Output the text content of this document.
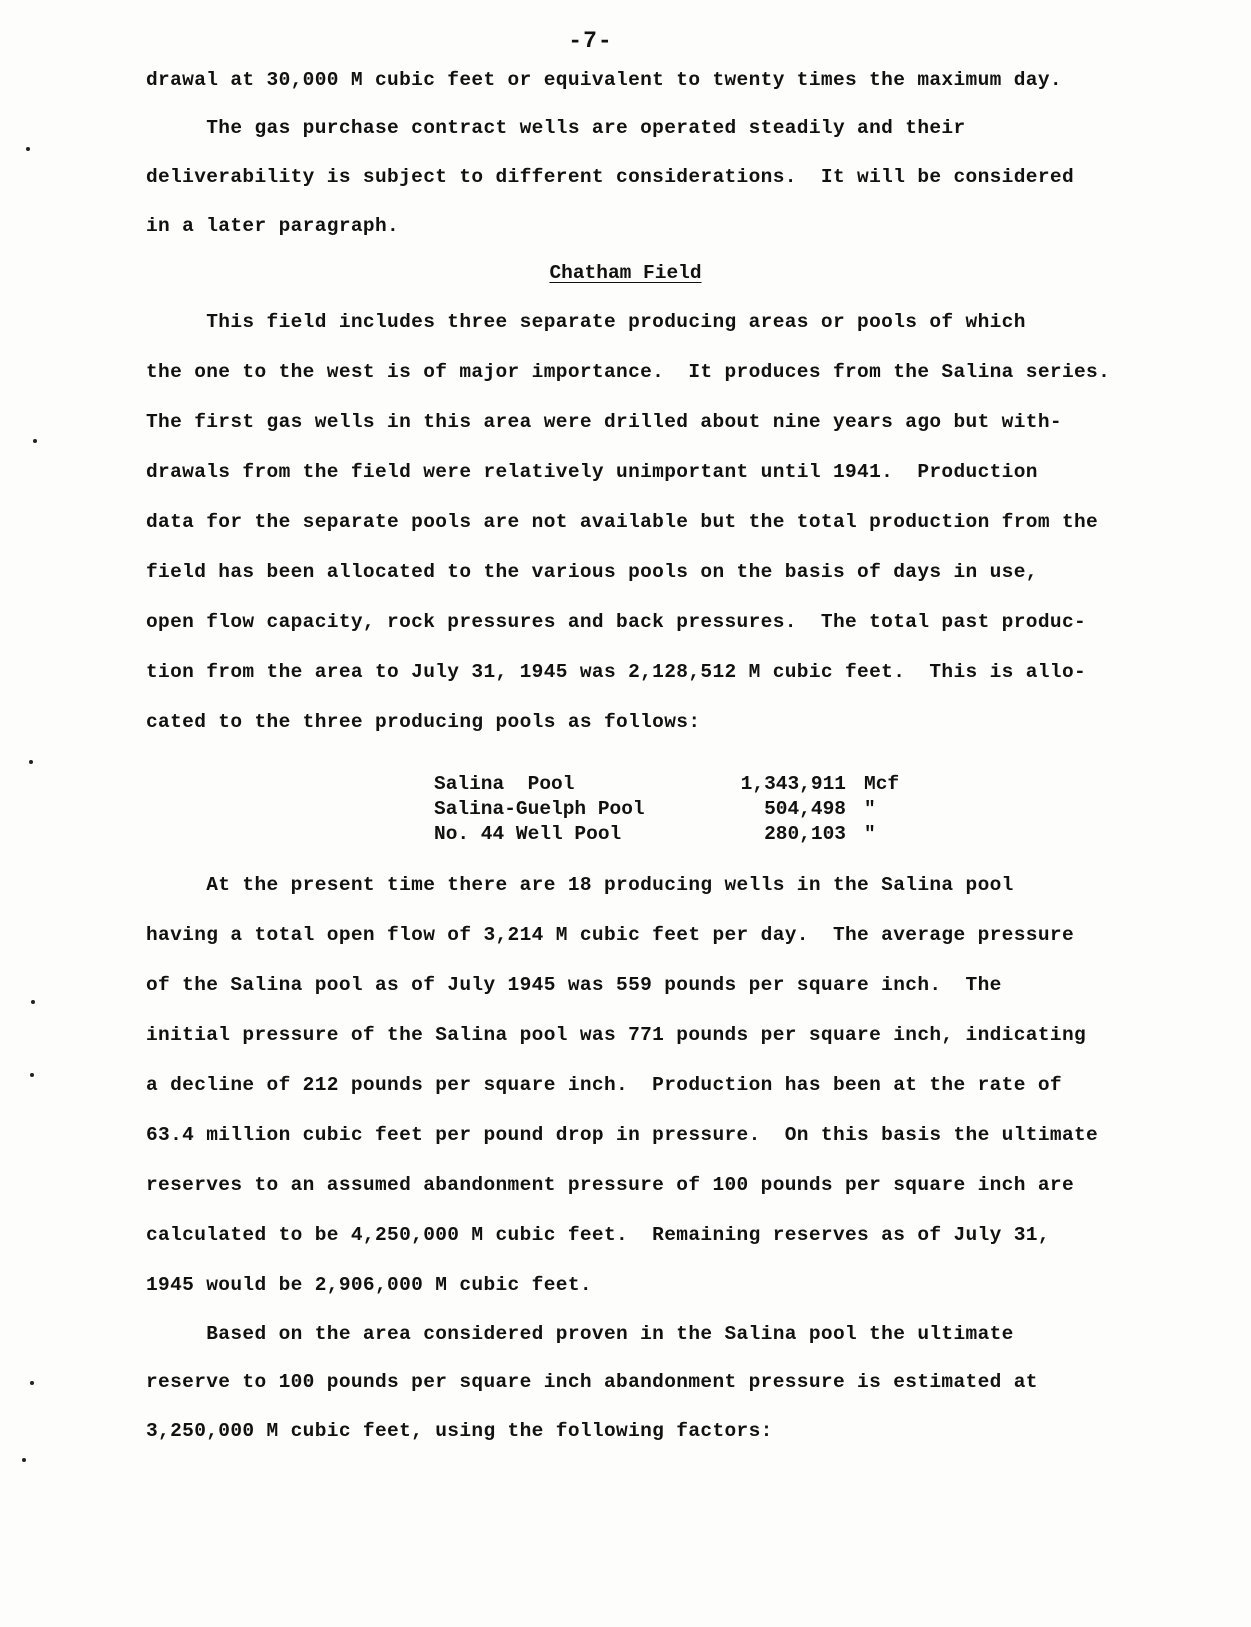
-7-
drawal at 30,000 M cubic feet or equivalent to twenty times the maximum day.
The gas purchase contract wells are operated steadily and their
deliverability is subject to different considerations.  It will be considered
in a later paragraph.
Chatham Field
This field includes three separate producing areas or pools of which
the one to the west is of major importance.  It produces from the Salina series.
The first gas wells in this area were drilled about nine years ago but with-
drawals from the field were relatively unimportant until 1941.  Production
data for the separate pools are not available but the total production from the
field has been allocated to the various pools on the basis of days in use,
open flow capacity, rock pressures and back pressures.  The total past produc-
tion from the area to July 31, 1945 was 2,128,512 M cubic feet.  This is allo-
cated to the three producing pools as follows:
Salina  Pool	1,343,911 Mcf
Salina-Guelph Pool	504,498 "
No. 44 Well Pool	280,103 "
At the present time there are 18 producing wells in the Salina pool
having a total open flow of 3,214 M cubic feet per day.  The average pressure
of the Salina pool as of July 1945 was 559 pounds per square inch.  The
initial pressure of the Salina pool was 771 pounds per square inch, indicating
a decline of 212 pounds per square inch.  Production has been at the rate of
63.4 million cubic feet per pound drop in pressure.  On this basis the ultimate
reserves to an assumed abandonment pressure of 100 pounds per square inch are
calculated to be 4,250,000 M cubic feet.  Remaining reserves as of July 31,
1945 would be 2,906,000 M cubic feet.
Based on the area considered proven in the Salina pool the ultimate
reserve to 100 pounds per square inch abandonment pressure is estimated at
3,250,000 M cubic feet, using the following factors:
